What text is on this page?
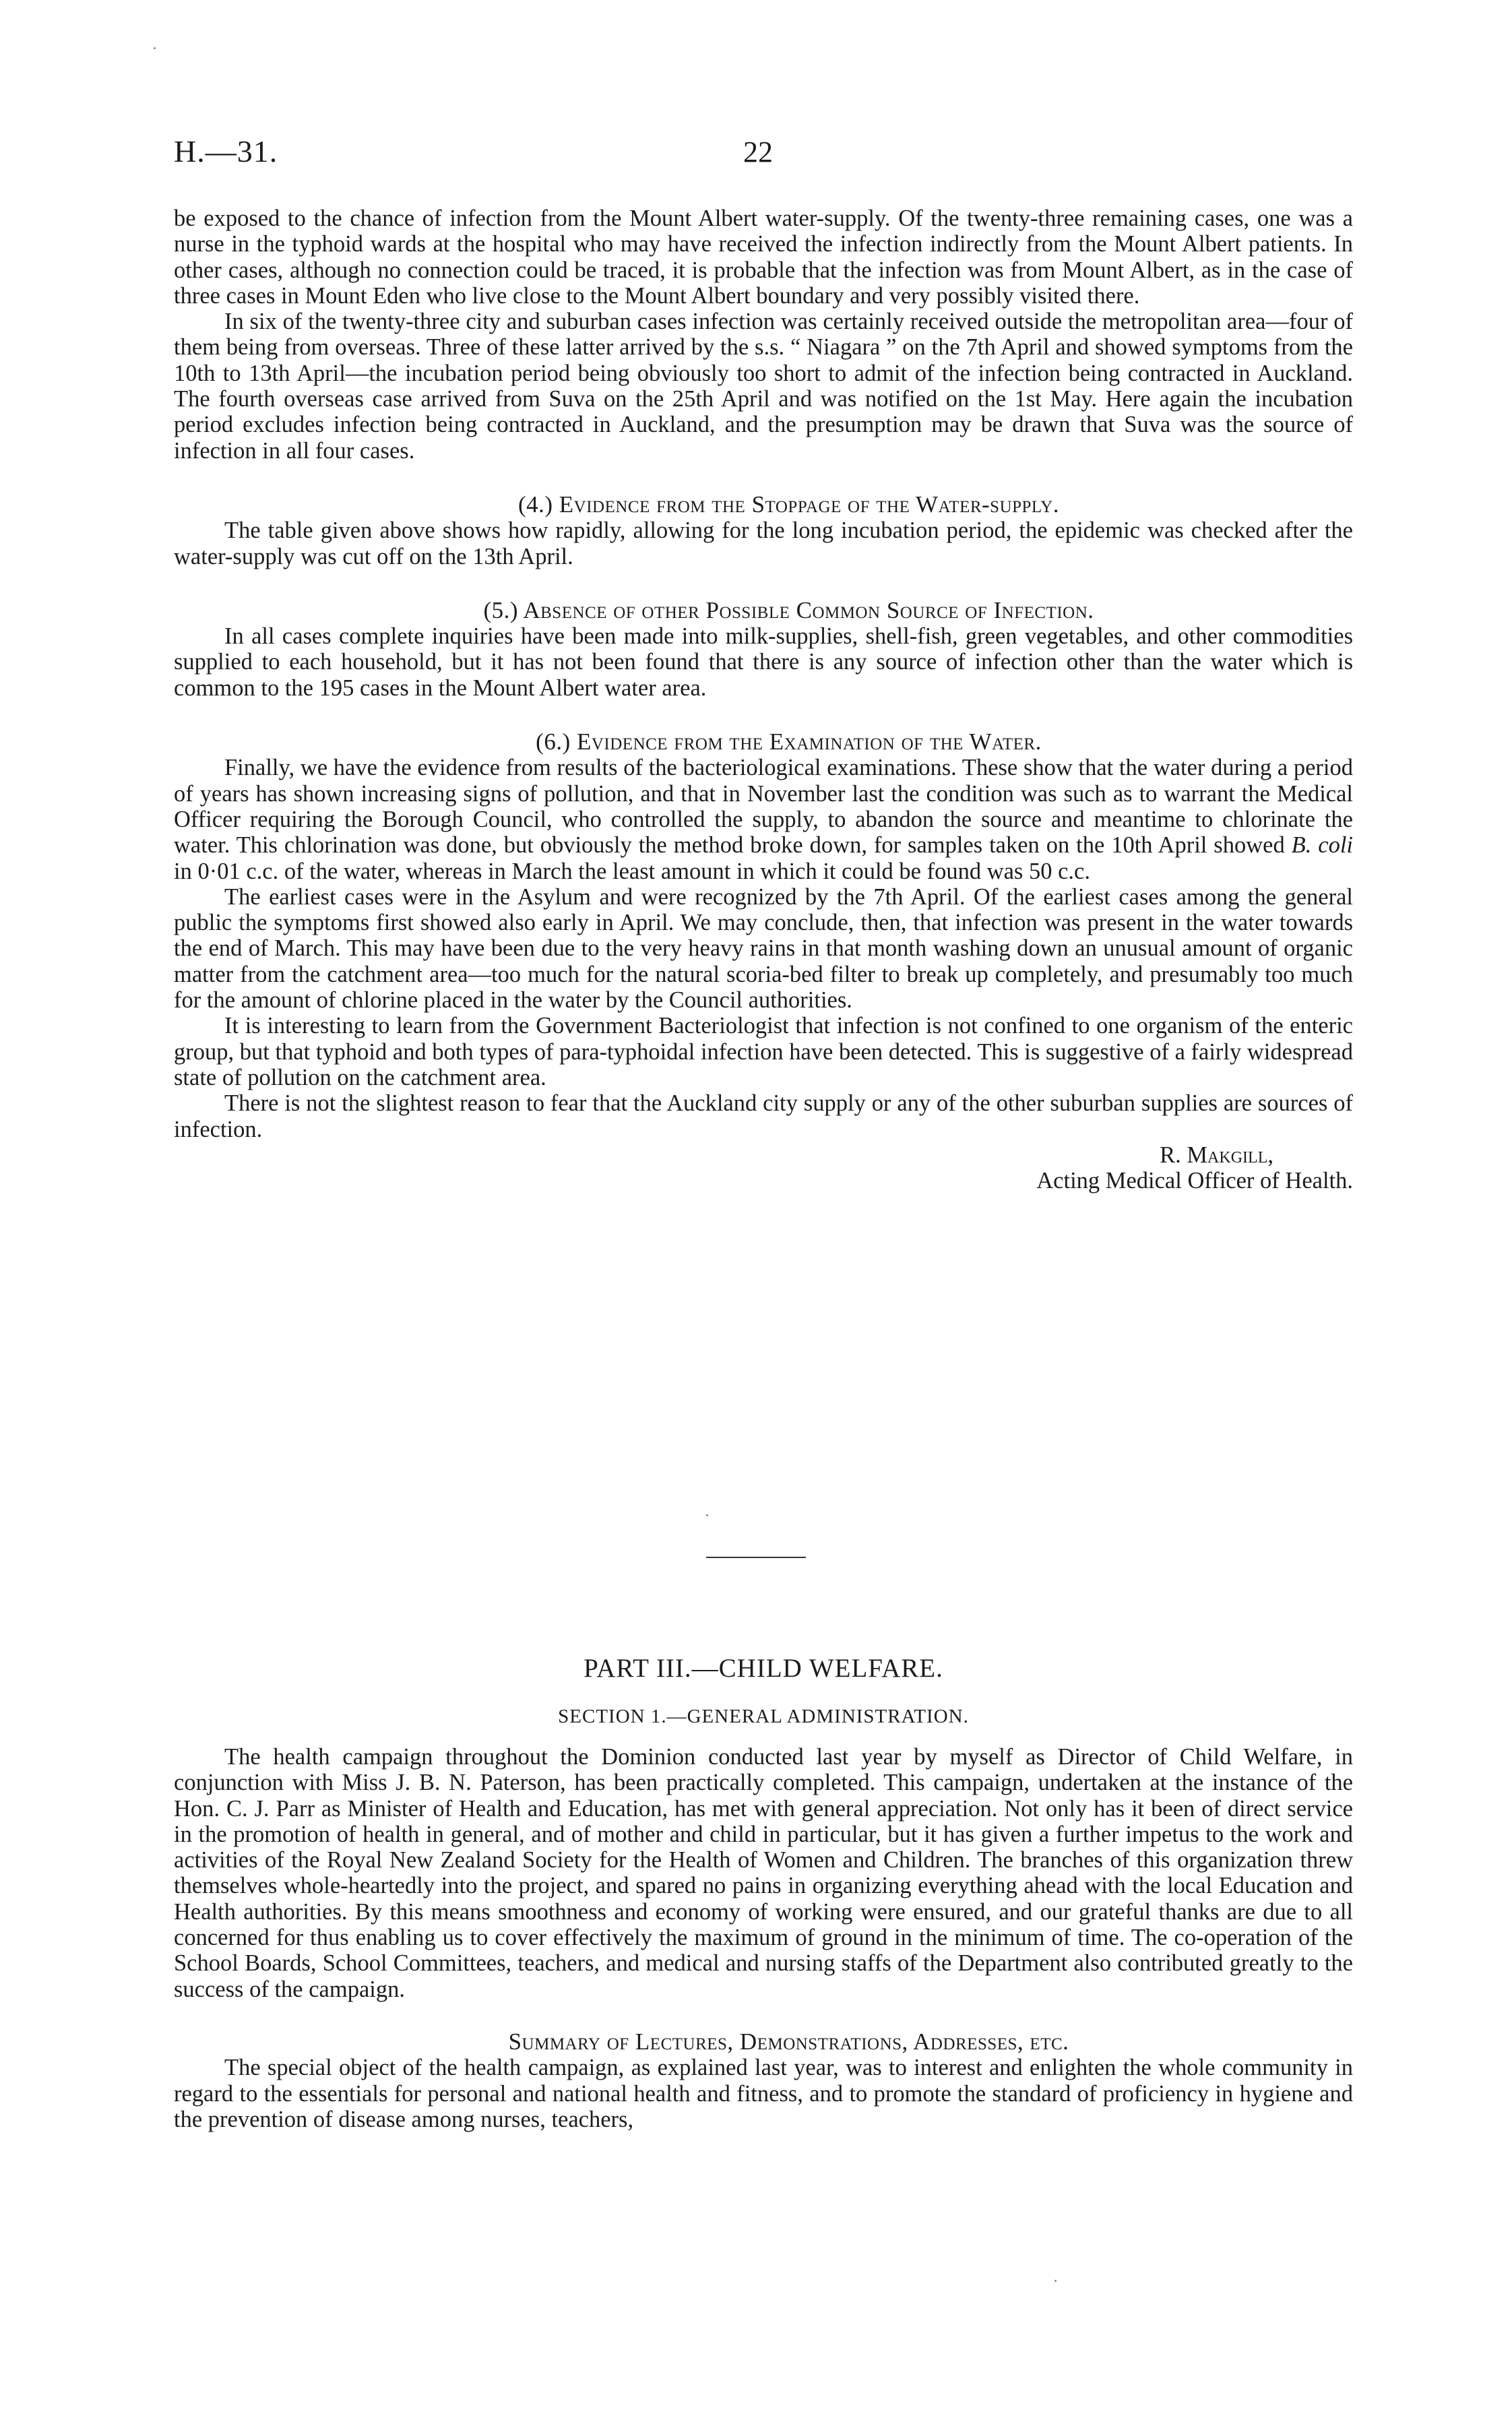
H.—31.	22

be exposed to the chance of infection from the Mount Albert water-supply. Of the twenty-three remaining cases, one was a nurse in the typhoid wards at the hospital who may have received the infection indirectly from the Mount Albert patients. In other cases, although no connection could be traced, it is probable that the infection was from Mount Albert, as in the case of three cases in Mount Eden who live close to the Mount Albert boundary and very possibly visited there.

In six of the twenty-three city and suburban cases infection was certainly received outside the metropolitan area—four of them being from overseas. Three of these latter arrived by the s.s. “ Niagara ” on the 7th April and showed symptoms from the 10th to 13th April—the incubation period being obviously too short to admit of the infection being contracted in Auckland. The fourth overseas case arrived from Suva on the 25th April and was notified on the 1st May. Here again the incubation period excludes infection being contracted in Auckland, and the presumption may be drawn that Suva was the source of infection in all four cases.

(4.) Evidence from the Stoppage of the Water-supply.

The table given above shows how rapidly, allowing for the long incubation period, the epidemic was checked after the water-supply was cut off on the 13th April.

(5.) Absence of other Possible Common Source of Infection.

In all cases complete inquiries have been made into milk-supplies, shell-fish, green vegetables, and other commodities supplied to each household, but it has not been found that there is any source of infection other than the water which is common to the 195 cases in the Mount Albert water area.

(6.) Evidence from the Examination of the Water.

Finally, we have the evidence from results of the bacteriological examinations. These show that the water during a period of years has shown increasing signs of pollution, and that in November last the condition was such as to warrant the Medical Officer requiring the Borough Council, who controlled the supply, to abandon the source and meantime to chlorinate the water. This chlorination was done, but obviously the method broke down, for samples taken on the 10th April showed B. coli in 0·01 c.c. of the water, whereas in March the least amount in which it could be found was 50 c.c.

The earliest cases were in the Asylum and were recognized by the 7th April. Of the earliest cases among the general public the symptoms first showed also early in April. We may conclude, then, that infection was present in the water towards the end of March. This may have been due to the very heavy rains in that month washing down an unusual amount of organic matter from the catchment area—too much for the natural scoria-bed filter to break up completely, and presumably too much for the amount of chlorine placed in the water by the Council authorities.

It is interesting to learn from the Government Bacteriologist that infection is not confined to one organism of the enteric group, but that typhoid and both types of para-typhoidal infection have been detected. This is suggestive of a fairly widespread state of pollution on the catchment area.

There is not the slightest reason to fear that the Auckland city supply or any of the other suburban supplies are sources of infection.

R. Makgill,

Acting Medical Officer of Health.

PART III.—CHILD WELFARE.
SECTION 1.—GENERAL ADMINISTRATION.

The health campaign throughout the Dominion conducted last year by myself as Director of Child Welfare, in conjunction with Miss J. B. N. Paterson, has been practically completed. This campaign, undertaken at the instance of the Hon. C. J. Parr as Minister of Health and Education, has met with general appreciation. Not only has it been of direct service in the promotion of health in general, and of mother and child in particular, but it has given a further impetus to the work and activities of the Royal New Zealand Society for the Health of Women and Children. The branches of this organization threw themselves whole-heartedly into the project, and spared no pains in organizing everything ahead with the local Education and Health authorities. By this means smoothness and economy of working were ensured, and our grateful thanks are due to all concerned for thus enabling us to cover effectively the maximum of ground in the minimum of time. The co-operation of the School Boards, School Committees, teachers, and medical and nursing staffs of the Department also contributed greatly to the success of the campaign.

Summary of Lectures, Demonstrations, Addresses, etc.

The special object of the health campaign, as explained last year, was to interest and enlighten the whole community in regard to the essentials for personal and national health and fitness, and to promote the standard of proficiency in hygiene and the prevention of disease among nurses, teachers,
